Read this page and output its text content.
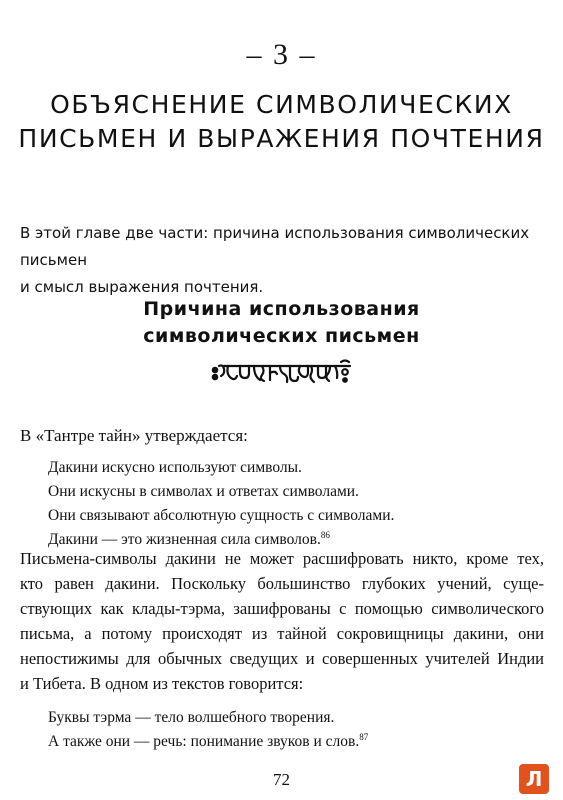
– 3 –
ОБЪЯСНЕНИЕ СИМВОЛИЧЕСКИХ
ПИСЬМЕН И ВЫРАЖЕНИЯ ПОЧТЕНИЯ

В этой главе две части: причина использования символических письмен
и смысл выражения почтения.

Причина использования
символических письмен

В «Тантре тайн» утверждается:

Дакини искусно используют символы.
Они искусны в символах и ответах символами.
Они связывают абсолютную сущность с символами.
Дакини — это жизненная сила символов.$^{86}$

Письмена-символы дакини не может расшифровать никто, кроме тех,
кто равен дакини. Поскольку большинство глубоких учений, суще-
ствующих как клады-тэрма, зашифрованы с помощью символического
письма, а потому происходят из тайной сокровищницы дакини, они
непостижимы для обычных сведущих и совершенных учителей Индии
и Тибета. В одном из текстов говорится:

Буквы тэрма — тело волшебного творения.
А также они — речь: понимание звуков и слов.$^{87}$
72	Л
